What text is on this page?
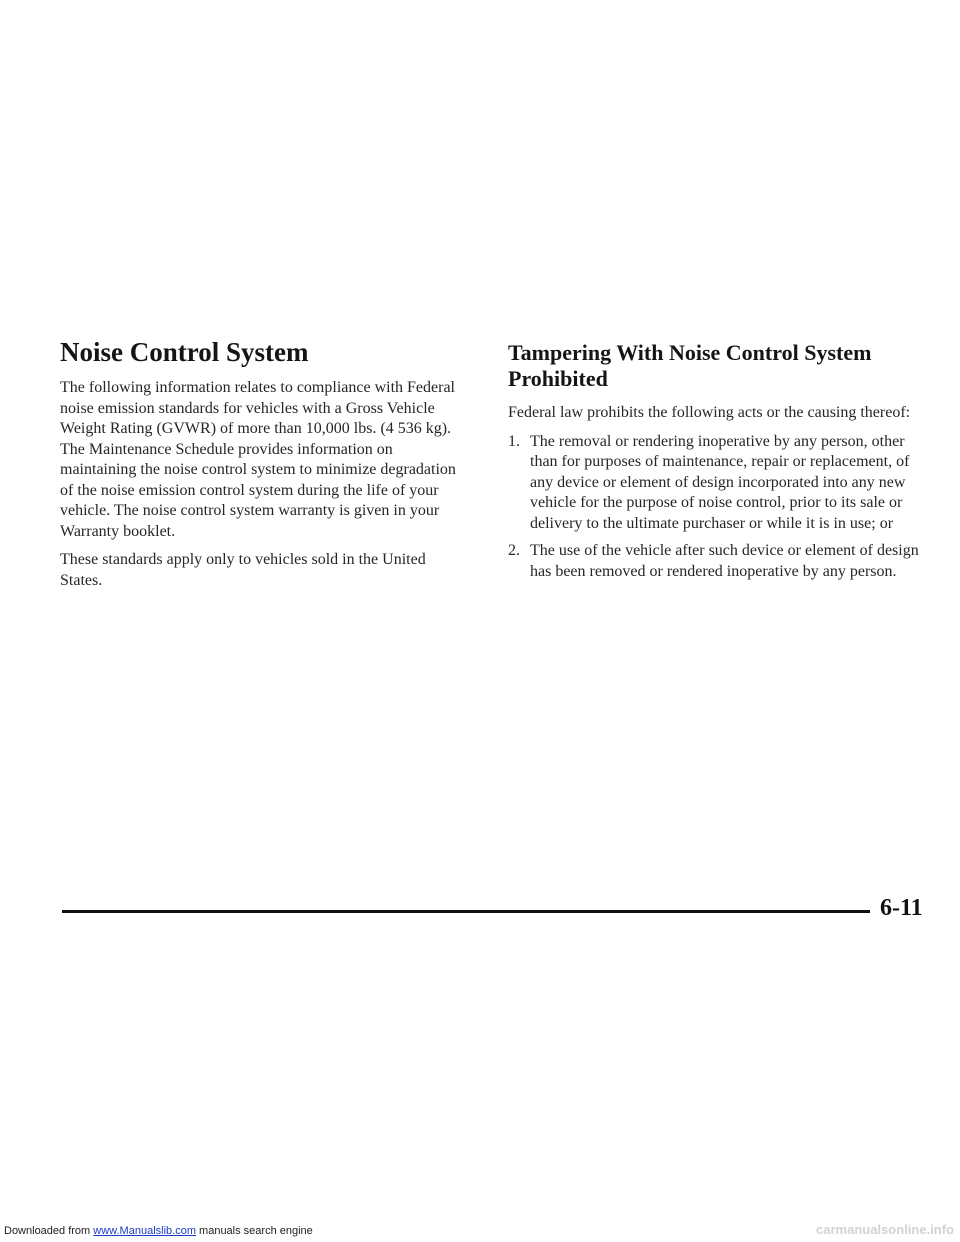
Noise Control System

The following information relates to compliance with Federal noise emission standards for vehicles with a Gross Vehicle Weight Rating (GVWR) of more than 10,000 lbs. (4 536 kg). The Maintenance Schedule provides information on maintaining the noise control system to minimize degradation of the noise emission control system during the life of your vehicle. The noise control system warranty is given in your Warranty booklet.

These standards apply only to vehicles sold in the United States.

Tampering With Noise Control System Prohibited

Federal law prohibits the following acts or the causing thereof:

1. The removal or rendering inoperative by any person, other than for purposes of maintenance, repair or replacement, of any device or element of design incorporated into any new vehicle for the purpose of noise control, prior to its sale or delivery to the ultimate purchaser or while it is in use; or
2. The use of the vehicle after such device or element of design has been removed or rendered inoperative by any person.
6-11
Downloaded from www.Manualslib.com manuals search engine	carmanualsonline.info
